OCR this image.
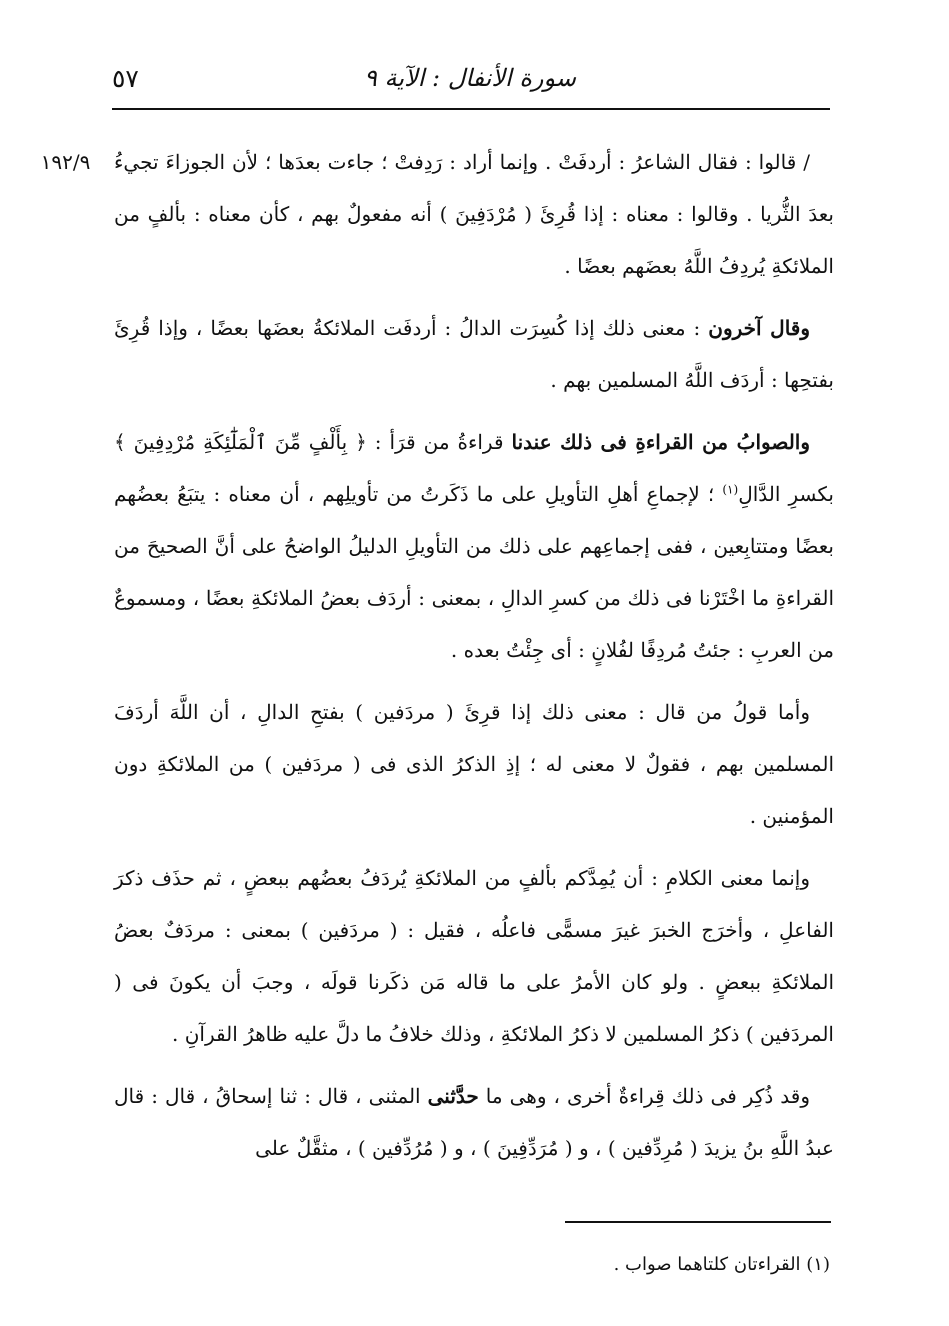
٥٧	سورة الأنفال : الآية ٩
١٩٢/٩	/ قالوا : فقال الشاعرُ : أردفَتْ . وإنما أراد : رَدِفتْ ؛ جاءت بعدَها ؛ لأن الجوزاءَ تجيءُ بعدَ الثُّريا . وقالوا : معناه : إذا قُرِئَ ( مُرْدَفِينَ ) أنه مفعولٌ بهم ، كأن معناه : بألفٍ من الملائكةِ يُردِفُ اللَّهُ بعضَهم بعضًا .

وقال آخرون : معنى ذلك إذا كُسِرَت الدالُ : أردفَت الملائكةُ بعضَها بعضًا ، وإذا قُرِئَ بفتحِها : أردَف اللَّهُ المسلمين بهم .

والصوابُ من القراءةِ فى ذلك عندنا قراءةُ من قرَأ : ﴿ بِأَلْفٍ مِّنَ ٱلْمَلَٰٓئِكَةِ مُرْدِفِينَ ﴾ بكسرِ الدَّالِ$^{(١)}$ ؛ لإجماعِ أهلِ التأويلِ على ما ذَكَرتُ من تأويلِهم ، أن معناه : يتبَعُ بعضُهم بعضًا ومتتابِعين ، ففى إجماعِهم على ذلك من التأويلِ الدليلُ الواضحُ على أنَّ الصحيحَ من القراءةِ ما اخْتَرْنا فى ذلك من كسرِ الدالِ ، بمعنى : أردَف بعضُ الملائكةِ بعضًا ، ومسموعٌ من العربِ : جئتُ مُردِفًا لفُلانٍ : أى جِئْتُ بعده .

وأما قولُ من قال : معنى ذلك إذا قرِئَ ( مردَفين ) بفتحِ الدالِ ، أن اللَّهَ أردَفَ المسلمين بهم ، فقولٌ لا معنى له ؛ إذِ الذكرُ الذى فى ( مردَفين ) من الملائكةِ دون المؤمنين .

وإنما معنى الكلامِ : أن يُمِدَّكم بألفٍ من الملائكةِ يُردَفُ بعضُهم ببعضٍ ، ثم حذَف ذكرَ الفاعلِ ، وأخرَج الخبرَ غيرَ مسمًّى فاعلُه ، فقيل : ( مردَفين ) بمعنى : مردَفٌ بعضُ الملائكةِ ببعضٍ . ولو كان الأمرُ على ما قاله مَن ذكَرنا قولَه ، وجبَ أن يكونَ فى ( المردَفين ) ذكرُ المسلمين لا ذكرُ الملائكةِ ، وذلك خلافُ ما دلَّ عليه ظاهرُ القرآنِ .

وقد ذُكِر فى ذلك قِراءةٌ أخرى ، وهى ما حدَّثنى المثنى ، قال : ثنا إسحاقُ ، قال : قال عبدُ اللَّهِ بنُ يزيدَ ( مُرِدِّفين ) ، و ( مُرَدِّفِينَ ) ، و ( مُرُدِّفين ) ، مثقَّلٌ على

(١) القراءتان كلتاهما صواب .
